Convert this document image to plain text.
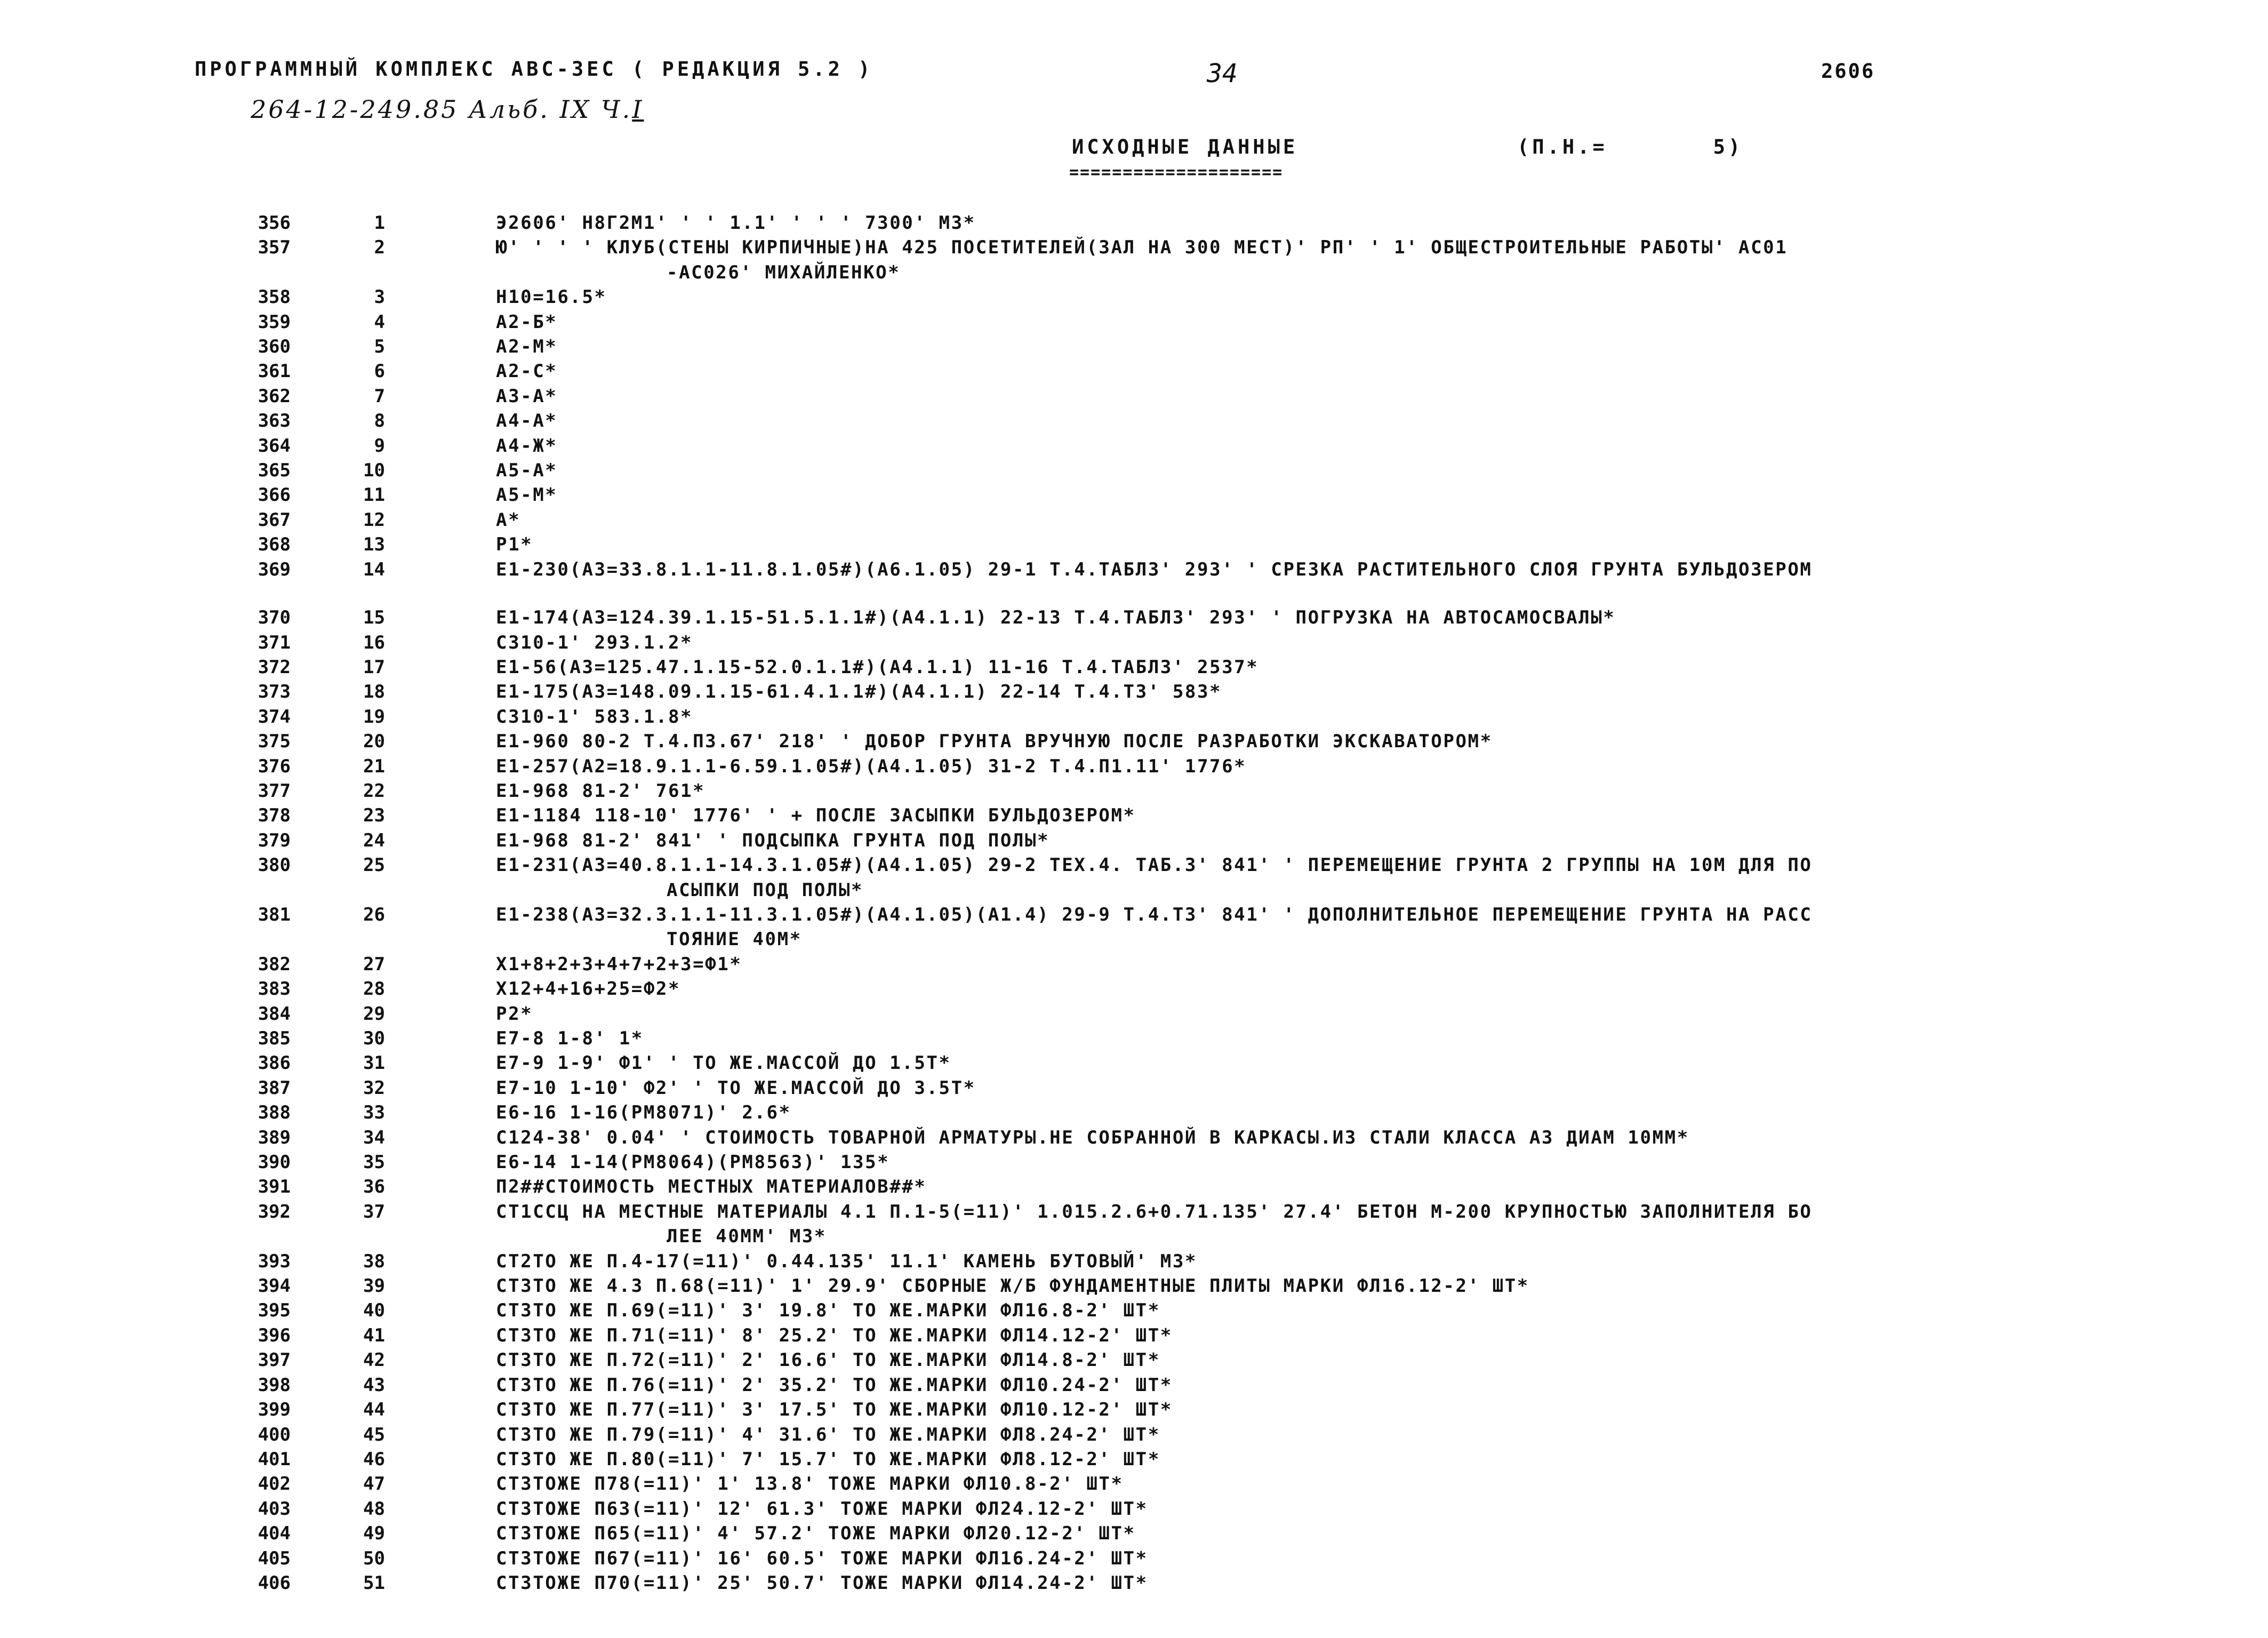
ПРОГРАММНЫЙ КОМПЛЕКС АВС-3ЕС ( РЕДАКЦИЯ 5.2 )	34	2606
264-12-249.85 Альб. IX Ч.I
ИСХОДНЫЕ ДАННЫЕ
====================
(П.Н.=       5)
356	1	Э2606' Н8Г2М1' ' ' 1.1' ' ' ' 7300' М3*
357	2	Ю' ' ' ' КЛУБ(СТЕНЫ КИРПИЧНЫЕ)НА 425 ПОСЕТИТЕЛЕЙ(ЗАЛ НА 300 МЕСТ)' РП' ' 1' ОБЩЕСТРОИТЕЛЬНЫЕ РАБОТЫ' АС01
-АС026' МИХАЙЛЕНКО*
358	3	Н10=16.5*
359	4	А2-Б*
360	5	А2-М*
361	6	А2-С*
362	7	А3-А*
363	8	А4-А*
364	9	А4-Ж*
365	10	А5-А*
366	11	А5-М*
367	12	А*
368	13	Р1*
369	14	Е1-230(А3=33.8.1.1-11.8.1.05#)(А6.1.05) 29-1 Т.4.ТАБЛ3' 293' ' СРЕЗКА РАСТИТЕЛЬНОГО СЛОЯ ГРУНТА БУЛЬДОЗЕРОМ
370	15	Е1-174(А3=124.39.1.15-51.5.1.1#)(А4.1.1) 22-13 Т.4.ТАБЛ3' 293' ' ПОГРУЗКА НА АВТОСАМОСВАЛЫ*
371	16	С310-1' 293.1.2*
372	17	Е1-56(А3=125.47.1.15-52.0.1.1#)(А4.1.1) 11-16 Т.4.ТАБЛ3' 2537*
373	18	Е1-175(А3=148.09.1.15-61.4.1.1#)(А4.1.1) 22-14 Т.4.Т3' 583*
374	19	С310-1' 583.1.8*
375	20	Е1-960 80-2 Т.4.П3.67' 218' ' ДОБОР ГРУНТА ВРУЧНУЮ ПОСЛЕ РАЗРАБОТКИ ЭКСКАВАТОРОМ*
376	21	Е1-257(А2=18.9.1.1-6.59.1.05#)(А4.1.05) 31-2 Т.4.П1.11' 1776*
377	22	Е1-968 81-2' 761*
378	23	Е1-1184 118-10' 1776' ' + ПОСЛЕ ЗАСЫПКИ БУЛЬДОЗЕРОМ*
379	24	Е1-968 81-2' 841' ' ПОДСЫПКА ГРУНТА ПОД ПОЛЫ*
380	25	Е1-231(А3=40.8.1.1-14.3.1.05#)(А4.1.05) 29-2 ТЕХ.4. ТАБ.3' 841' ' ПЕРЕМЕЩЕНИЕ ГРУНТА 2 ГРУППЫ НА 10М ДЛЯ ПО
АСЫПКИ ПОД ПОЛЫ*
381	26	Е1-238(А3=32.3.1.1-11.3.1.05#)(А4.1.05)(А1.4) 29-9 Т.4.Т3' 841' ' ДОПОЛНИТЕЛЬНОЕ ПЕРЕМЕЩЕНИЕ ГРУНТА НА РАСС
ТОЯНИЕ 40М*
382	27	Х1+8+2+3+4+7+2+3=Ф1*
383	28	Х12+4+16+25=Ф2*
384	29	Р2*
385	30	Е7-8 1-8' 1*
386	31	Е7-9 1-9' Ф1' ' ТО ЖЕ.МАССОЙ ДО 1.5Т*
387	32	Е7-10 1-10' Ф2' ' ТО ЖЕ.МАССОЙ ДО 3.5Т*
388	33	Е6-16 1-16(РМ8071)' 2.6*
389	34	С124-38' 0.04' ' СТОИМОСТЬ ТОВАРНОЙ АРМАТУРЫ.НЕ СОБРАННОЙ В КАРКАСЫ.ИЗ СТАЛИ КЛАССА А3 ДИАМ 10ММ*
390	35	Е6-14 1-14(РМ8064)(РМ8563)' 135*
391	36	П2##СТОИМОСТЬ МЕСТНЫХ МАТЕРИАЛОВ##*
392	37	СТ1ССЦ НА МЕСТНЫЕ МАТЕРИАЛЫ 4.1 П.1-5(=11)' 1.015.2.6+0.71.135' 27.4' БЕТОН М-200 КРУПНОСТЬЮ ЗАПОЛНИТЕЛЯ БО
ЛЕЕ 40ММ' М3*
393	38	СТ2ТО ЖЕ П.4-17(=11)' 0.44.135' 11.1' КАМЕНЬ БУТОВЫЙ' М3*
394	39	СТ3ТО ЖЕ 4.3 П.68(=11)' 1' 29.9' СБОРНЫЕ Ж/Б ФУНДАМЕНТНЫЕ ПЛИТЫ МАРКИ ФЛ16.12-2' ШТ*
395	40	СТ3ТО ЖЕ П.69(=11)' 3' 19.8' ТО ЖЕ.МАРКИ ФЛ16.8-2' ШТ*
396	41	СТ3ТО ЖЕ П.71(=11)' 8' 25.2' ТО ЖЕ.МАРКИ ФЛ14.12-2' ШТ*
397	42	СТ3ТО ЖЕ П.72(=11)' 2' 16.6' ТО ЖЕ.МАРКИ ФЛ14.8-2' ШТ*
398	43	СТ3ТО ЖЕ П.76(=11)' 2' 35.2' ТО ЖЕ.МАРКИ ФЛ10.24-2' ШТ*
399	44	СТ3ТО ЖЕ П.77(=11)' 3' 17.5' ТО ЖЕ.МАРКИ ФЛ10.12-2' ШТ*
400	45	СТ3ТО ЖЕ П.79(=11)' 4' 31.6' ТО ЖЕ.МАРКИ ФЛ8.24-2' ШТ*
401	46	СТ3ТО ЖЕ П.80(=11)' 7' 15.7' ТО ЖЕ.МАРКИ ФЛ8.12-2' ШТ*
402	47	СТ3ТОЖЕ П78(=11)' 1' 13.8' ТОЖЕ МАРКИ ФЛ10.8-2' ШТ*
403	48	СТ3ТОЖЕ П63(=11)' 12' 61.3' ТОЖЕ МАРКИ ФЛ24.12-2' ШТ*
404	49	СТ3ТОЖЕ П65(=11)' 4' 57.2' ТОЖЕ МАРКИ ФЛ20.12-2' ШТ*
405	50	СТ3ТОЖЕ П67(=11)' 16' 60.5' ТОЖЕ МАРКИ ФЛ16.24-2' ШТ*
406	51	СТ3ТОЖЕ П70(=11)' 25' 50.7' ТОЖЕ МАРКИ ФЛ14.24-2' ШТ*
